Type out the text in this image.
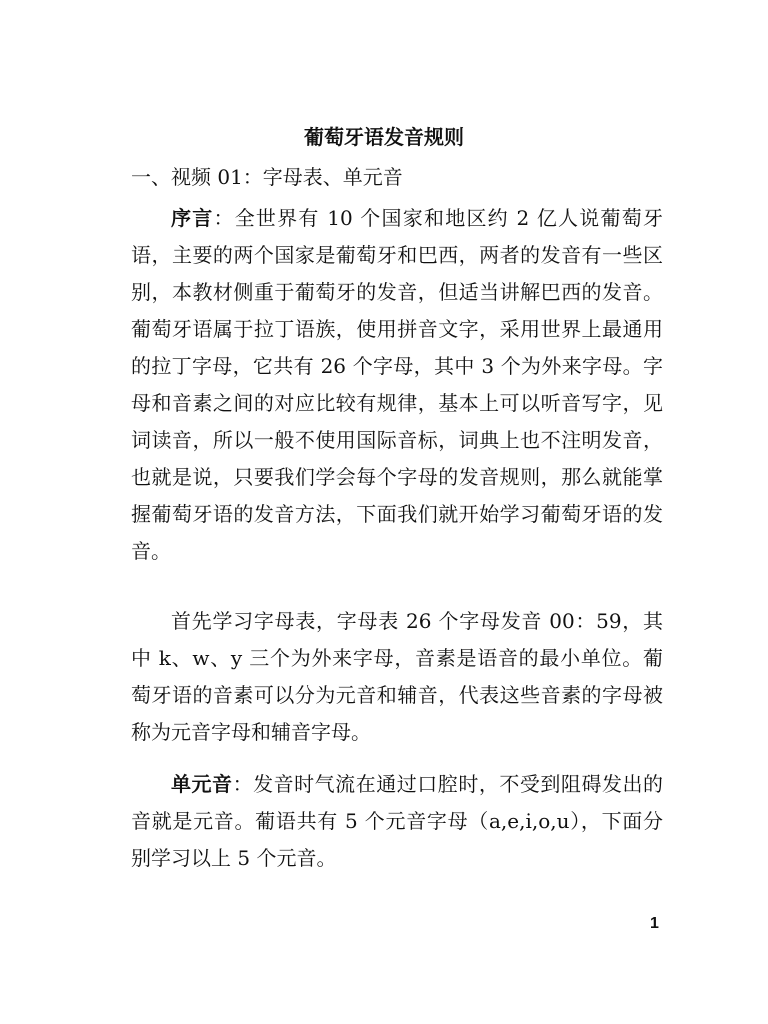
葡萄牙语发音规则
一、视频 01：字母表、单元音
序言：全世界有 10 个国家和地区约 2 亿人说葡萄牙语，主要的两个国家是葡萄牙和巴西，两者的发音有一些区别，本教材侧重于葡萄牙的发音，但适当讲解巴西的发音。葡萄牙语属于拉丁语族，使用拼音文字，采用世界上最通用的拉丁字母，它共有 26 个字母，其中 3 个为外来字母。字母和音素之间的对应比较有规律，基本上可以听音写字，见词读音，所以一般不使用国际音标，词典上也不注明发音，也就是说，只要我们学会每个字母的发音规则，那么就能掌握葡萄牙语的发音方法，下面我们就开始学习葡萄牙语的发音。
首先学习字母表，字母表 26 个字母发音 00：59，其中 k、w、y 三个为外来字母，音素是语音的最小单位。葡萄牙语的音素可以分为元音和辅音，代表这些音素的字母被称为元音字母和辅音字母。
单元音：发音时气流在通过口腔时，不受到阻碍发出的音就是元音。葡语共有 5 个元音字母（a,e,i,o,u），下面分别学习以上 5 个元音。
1
